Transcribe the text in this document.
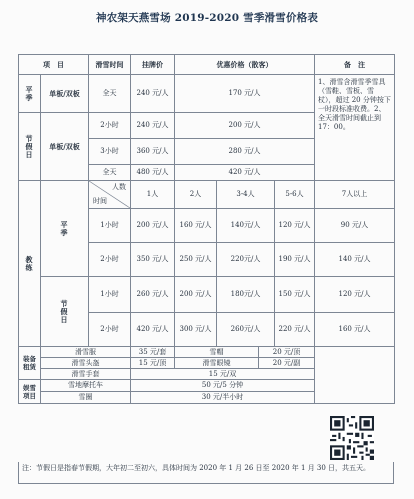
神农架天燕雪场 2019-2020 雪季滑雪价格表
项　目		滑雪时间	挂牌价	优惠价格（散客）				备　注
平季	单板/双板	全天	240 元/人	170 元/人				1、滑雪含滑雪季雪具（雪鞋、雪板、雪杖），超过 20 分钟按下一时段标准收费。2、全天滑雪时间截止到 17：00。
节假日	单板/双板	2小时	240 元/人	200 元/人				
		3小时	360 元/人	280 元/人				
		全天	480 元/人	420 元/人				
教练	平季	人数
时间	1人	2人	3-4人		5-6人	7人以上
		1小时	200 元/人	160 元/人	140元/人		120 元/人	90 元/人
		2小时	350 元/人	250 元/人	220元/人		190 元/人	140 元/人
	节假日	1小时	260 元/人	200 元/人	180元/人		150 元/人	120 元/人
		2小时	420 元/人	300 元/人	260元/人		220 元/人	160 元/人
装备租赁	滑雪服		35 元/套	雪帽		20 元/顶		
	滑雪头盔		15 元/顶	滑雪眼镜		20 元/副		
	滑雪手套		15 元/双					
娱雪项目	雪地摩托车		50 元/5 分钟					
	雪圈		30 元/半小时					
注：节假日是指春节假期，大年初二至初六，具体时间为 2020 年 1 月 26 日至 2020 年 1 月 30 日，共五天。
